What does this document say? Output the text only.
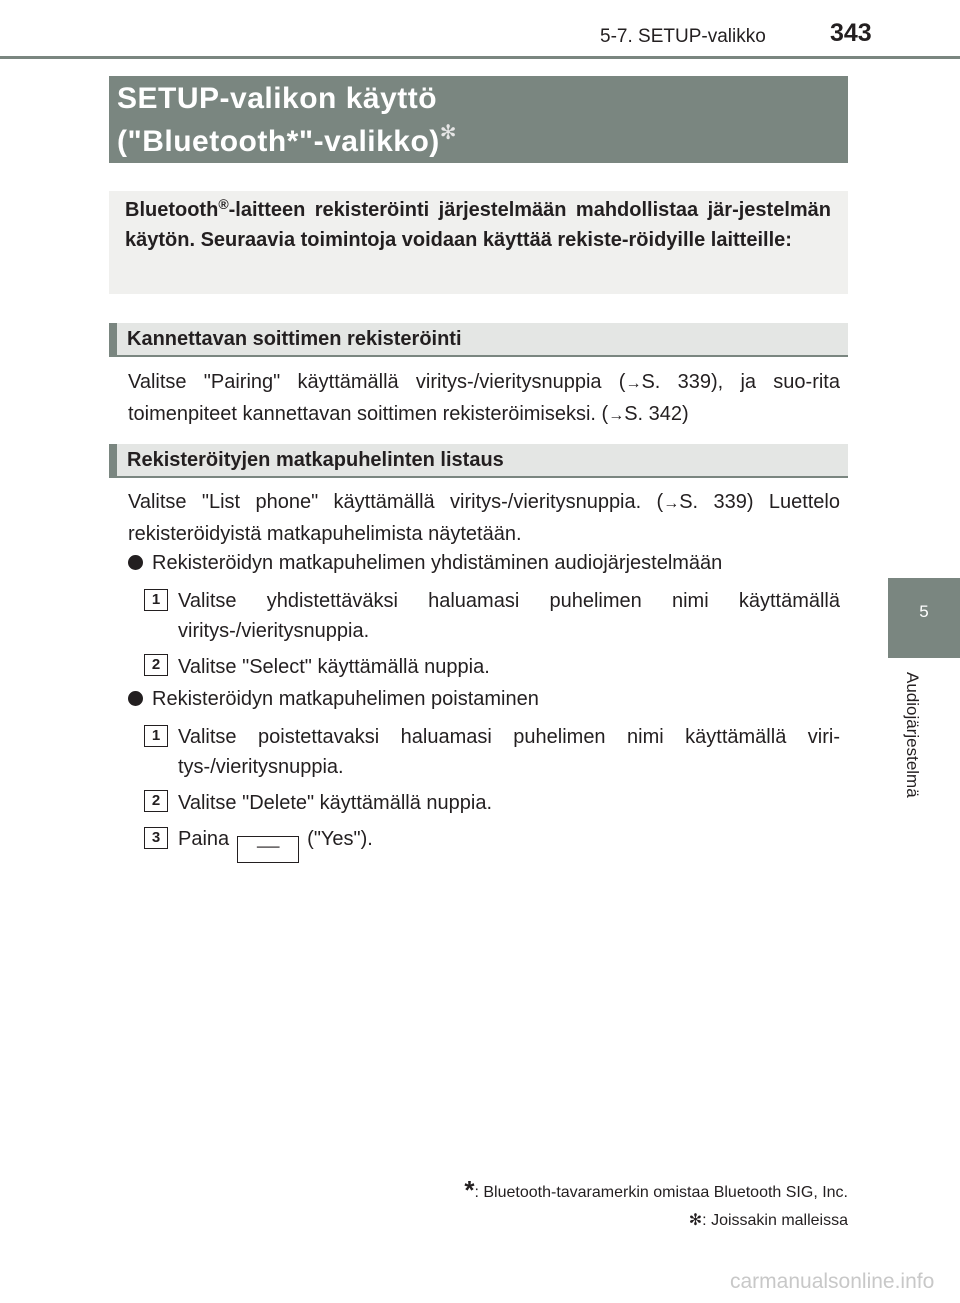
5-7. SETUP-valikko	343
SETUP-valikon käyttö
("Bluetooth*"-valikko)✻
Bluetooth®-laitteen rekisteröinti järjestelmään mahdollistaa jär-jestelmän käytön. Seuraavia toimintoja voidaan käyttää rekiste-röidyille laitteille:
Kannettavan soittimen rekisteröinti
Valitse "Pairing" käyttämällä viritys-/vieritysnuppia (→S. 339), ja suo-rita toimenpiteet kannettavan soittimen rekisteröimiseksi. (→S. 342)
Rekisteröityjen matkapuhelinten listaus
Valitse "List phone" käyttämällä viritys-/vieritysnuppia. (→S. 339) Luettelo rekisteröidyistä matkapuhelimista näytetään.
Rekisteröidyn matkapuhelimen yhdistäminen audiojärjestelmään
1 Valitse yhdistettäväksi haluamasi puhelimen nimi käyttämällä viritys-/vieritysnuppia.
2 Valitse "Select" käyttämällä nuppia.
Rekisteröidyn matkapuhelimen poistaminen
1 Valitse poistettavaksi haluamasi puhelimen nimi käyttämällä viri-tys-/vieritysnuppia.
2 Valitse "Delete" käyttämällä nuppia.
3 Paina ── ("Yes").
*: Bluetooth-tavaramerkin omistaa Bluetooth SIG, Inc.
✻: Joissakin malleissa
5
Audiojärjestelmä
carmanualsonline.info
